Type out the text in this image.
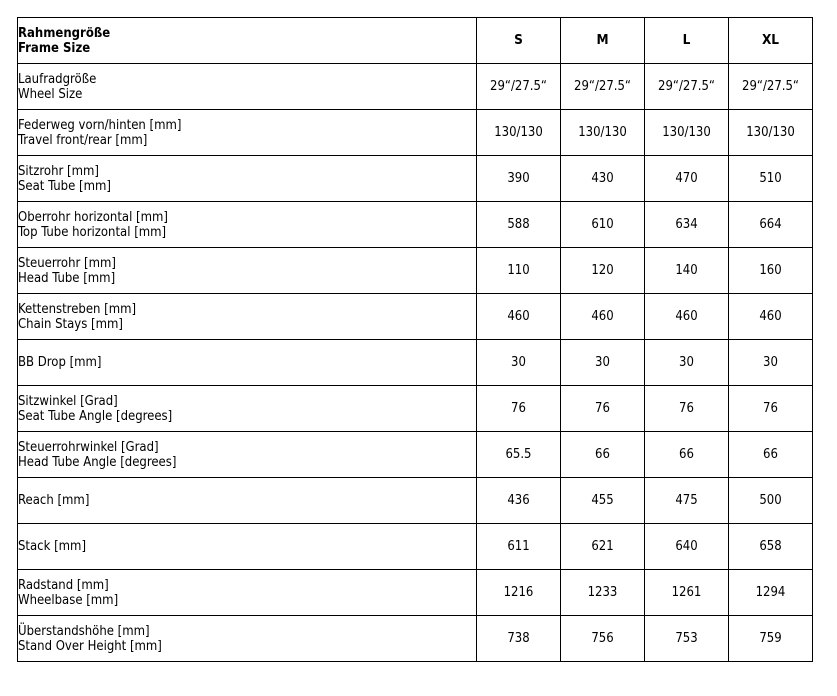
Rahmengröße
Frame Size	S	M	L	XL

Laufradgröße
Wheel Size	29“/27.5“	29“/27.5“	29“/27.5“	29“/27.5“

Federweg vorn/hinten [mm]
Travel front/rear [mm]	130/130	130/130	130/130	130/130

Sitzrohr [mm]
Seat Tube [mm]	390	430	470	510

Oberrohr horizontal [mm]
Top Tube horizontal [mm]	588	610	634	664

Steuerrohr [mm]
Head Tube [mm]	110	120	140	160

Kettenstreben [mm]
Chain Stays [mm]	460	460	460	460

BB Drop [mm]	30	30	30	30

Sitzwinkel [Grad]
Seat Tube Angle [degrees]	76	76	76	76

Steuerrohrwinkel [Grad]
Head Tube Angle [degrees]	65.5	66	66	66

Reach [mm]	436	455	475	500

Stack [mm]	611	621	640	658

Radstand [mm]
Wheelbase [mm]	1216	1233	1261	1294

Überstandshöhe [mm]
Stand Over Height [mm]	738	756	753	759
